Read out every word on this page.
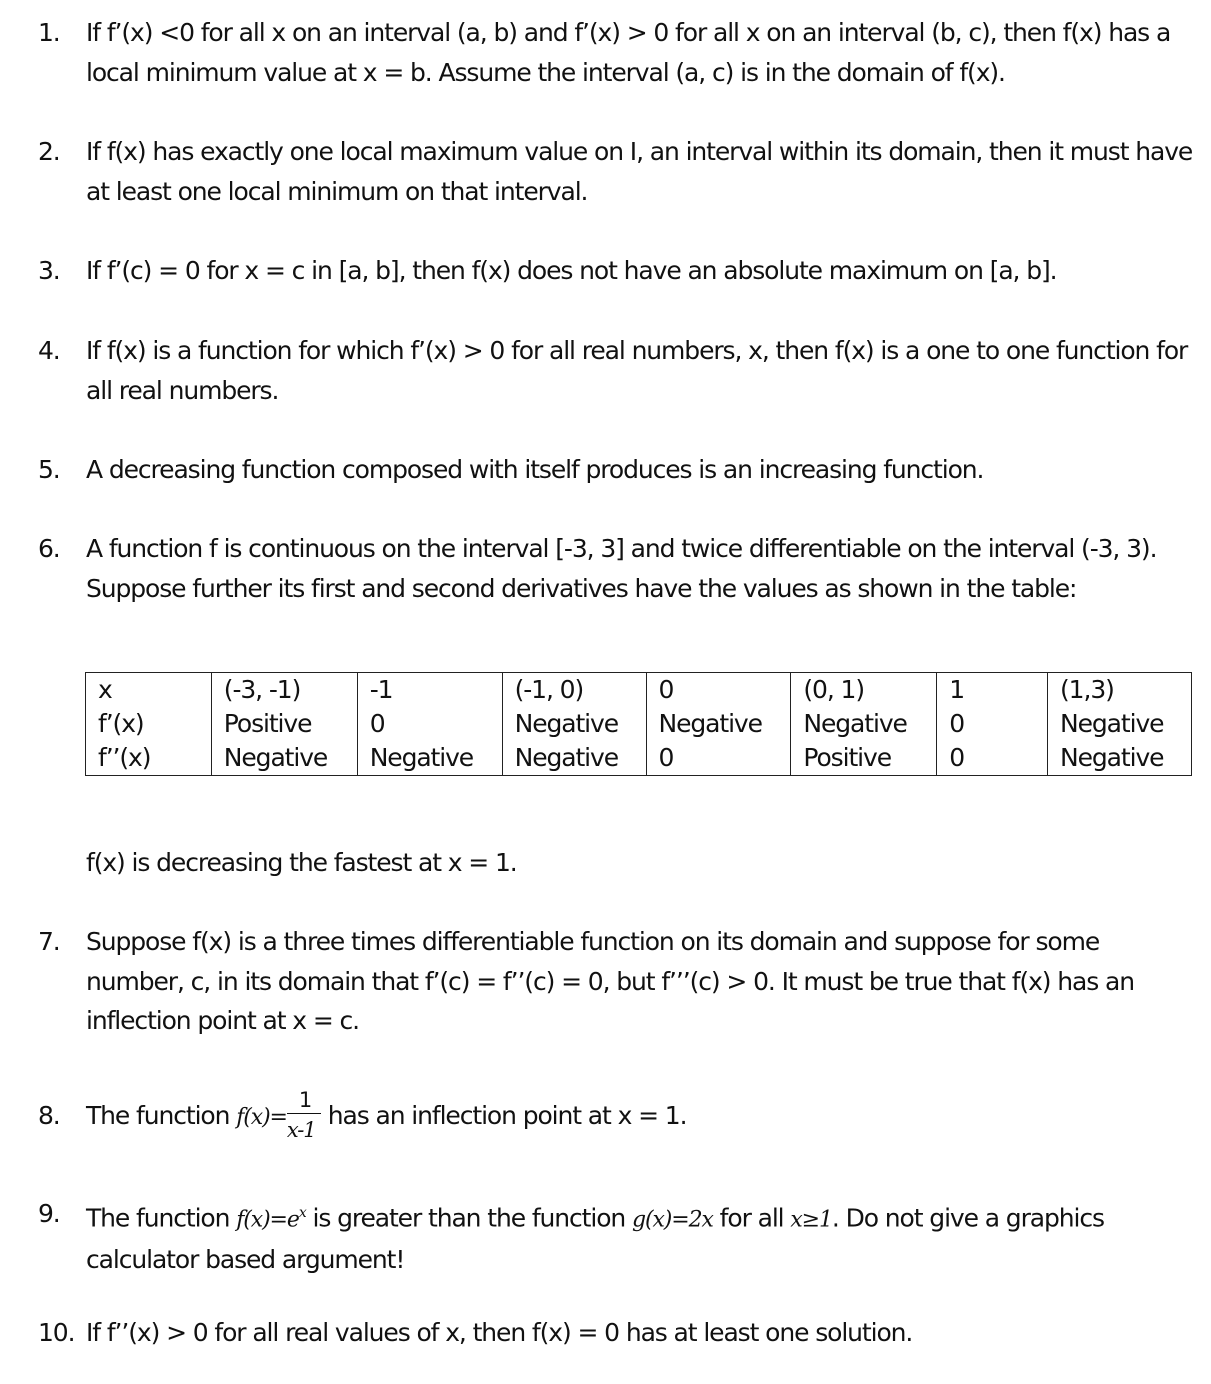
1. If f’(x) <0 for all x on an interval (a, b) and f’(x) > 0 for all x on an interval (b, c), then f(x) has a local minimum value at x = b. Assume the interval (a, c) is in the domain of f(x).
2. If f(x) has exactly one local maximum value on I, an interval within its domain, then it must have at least one local minimum on that interval.
3. If f’(c) = 0 for x = c in [a, b], then f(x) does not have an absolute maximum on [a, b].
4. If f(x) is a function for which f’(x) > 0 for all real numbers, x, then f(x) is a one to one function for all real numbers.
5. A decreasing function composed with itself produces is an increasing function.
6. A function f is continuous on the interval [-3, 3] and twice differentiable on the interval (-3, 3). Suppose further its first and second derivatives have the values as shown in the table:
x	(-3, -1)	-1	(-1, 0)	0	(0, 1)	1	(1,3)
f’(x)	Positive	0	Negative	Negative	Negative	0	Negative
f’’(x)	Negative	Negative	Negative	0	Positive	0	Negative
f(x) is decreasing the fastest at x = 1.
7. Suppose f(x) is a three times differentiable function on its domain and suppose for some number, c, in its domain that f’(c) = f’’(c) = 0, but f’’’(c) > 0. It must be true that f(x) has an inflection point at x = c.
8. The function $f(x)= \frac{1}{x-1}$ has an inflection point at x = 1.
9. The function $f(x)=e^x$ is greater than the function g(x)=2x for all x≥1. Do not give a graphics calculator based argument!
10. If f’’(x) > 0 for all real values of x, then f(x) = 0 has at least one solution.
